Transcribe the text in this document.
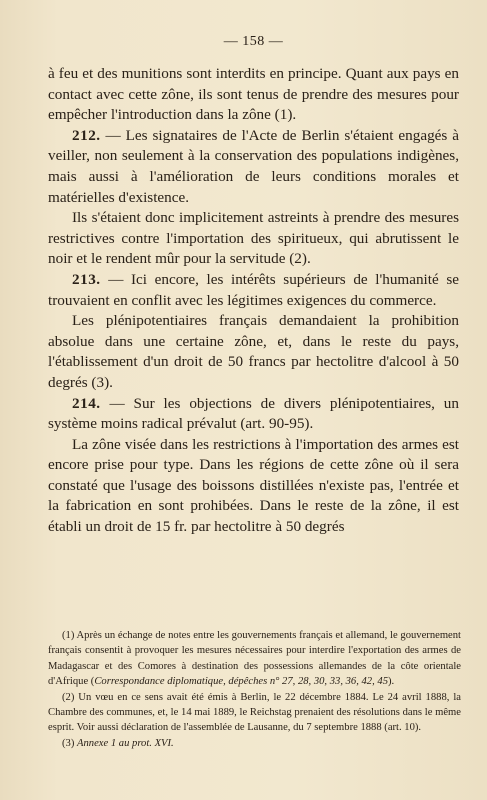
— 158 —

à feu et des munitions sont interdits en principe. Quant aux pays en contact avec cette zône, ils sont tenus de prendre des mesures pour empêcher l'introduction dans la zône (1).

212. — Les signataires de l'Acte de Berlin s'étaient engagés à veiller, non seulement à la conservation des populations indigènes, mais aussi à l'amélioration de leurs conditions morales et matérielles d'existence.

Ils s'étaient donc implicitement astreints à prendre des mesures restrictives contre l'importation des spiritueux, qui abrutissent le noir et le rendent mûr pour la servitude (2).

213. — Ici encore, les intérêts supérieurs de l'humanité se trouvaient en conflit avec les légitimes exigences du commerce.

Les plénipotentiaires français demandaient la prohibition absolue dans une certaine zône, et, dans le reste du pays, l'établissement d'un droit de 50 francs par hectolitre d'alcool à 50 degrés (3).

214. — Sur les objections de divers plénipotentiaires, un système moins radical prévalut (art. 90-95).

La zône visée dans les restrictions à l'importation des armes est encore prise pour type. Dans les régions de cette zône où il sera constaté que l'usage des boissons distillées n'existe pas, l'entrée et la fabrication en sont prohibées. Dans le reste de la zône, il est établi un droit de 15 fr. par hectolitre à 50 degrés

(1) Après un échange de notes entre les gouvernements français et allemand, le gouvernement français consentit à provoquer les mesures nécessaires pour interdire l'exportation des armes de Madagascar et des Comores à destination des possessions allemandes de la côte orientale d'Afrique (Correspondance diplomatique, dépêches n° 27, 28, 30, 33, 36, 42, 45).

(2) Un vœu en ce sens avait été émis à Berlin, le 22 décembre 1884. Le 24 avril 1888, la Chambre des communes, et, le 14 mai 1889, le Reichstag prenaient des résolutions dans le même esprit. Voir aussi déclaration de l'assemblée de Lausanne, du 7 septembre 1888 (art. 10).

(3) Annexe 1 au prot. XVI.
